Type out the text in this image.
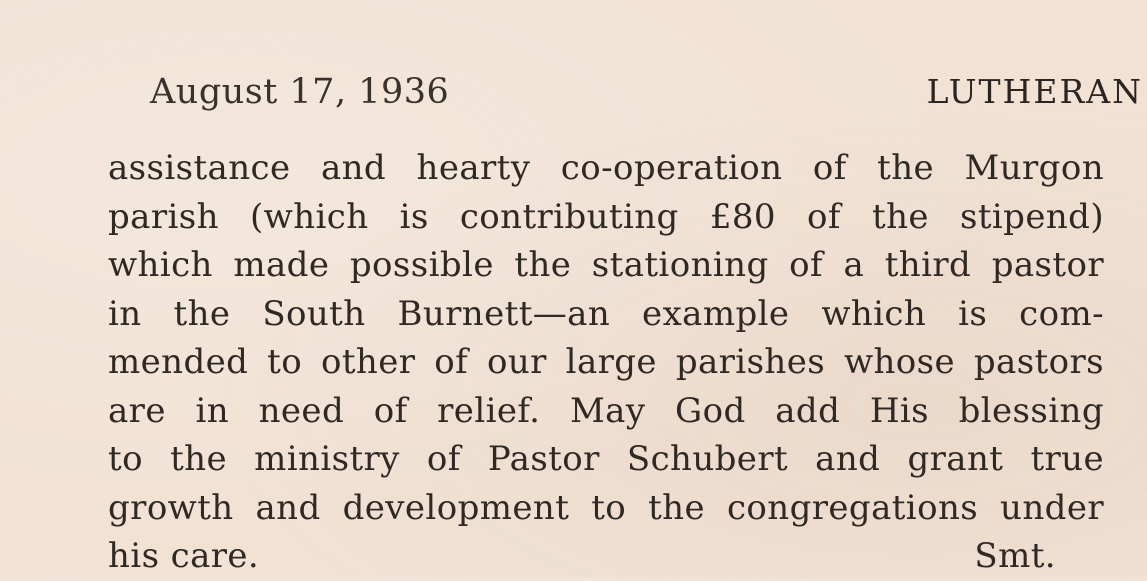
August 17, 1936	LUTHERAN
assistance and hearty co-operation of the Murgon
parish (which is contributing £80 of the stipend)
which made possible the stationing of a third pastor
in the South Burnett—an example which is com-
mended to other of our large parishes whose pastors
are in need of relief. May God add His blessing
to the ministry of Pastor Schubert and grant true
growth and development to the congregations under
his care.	Smt.
